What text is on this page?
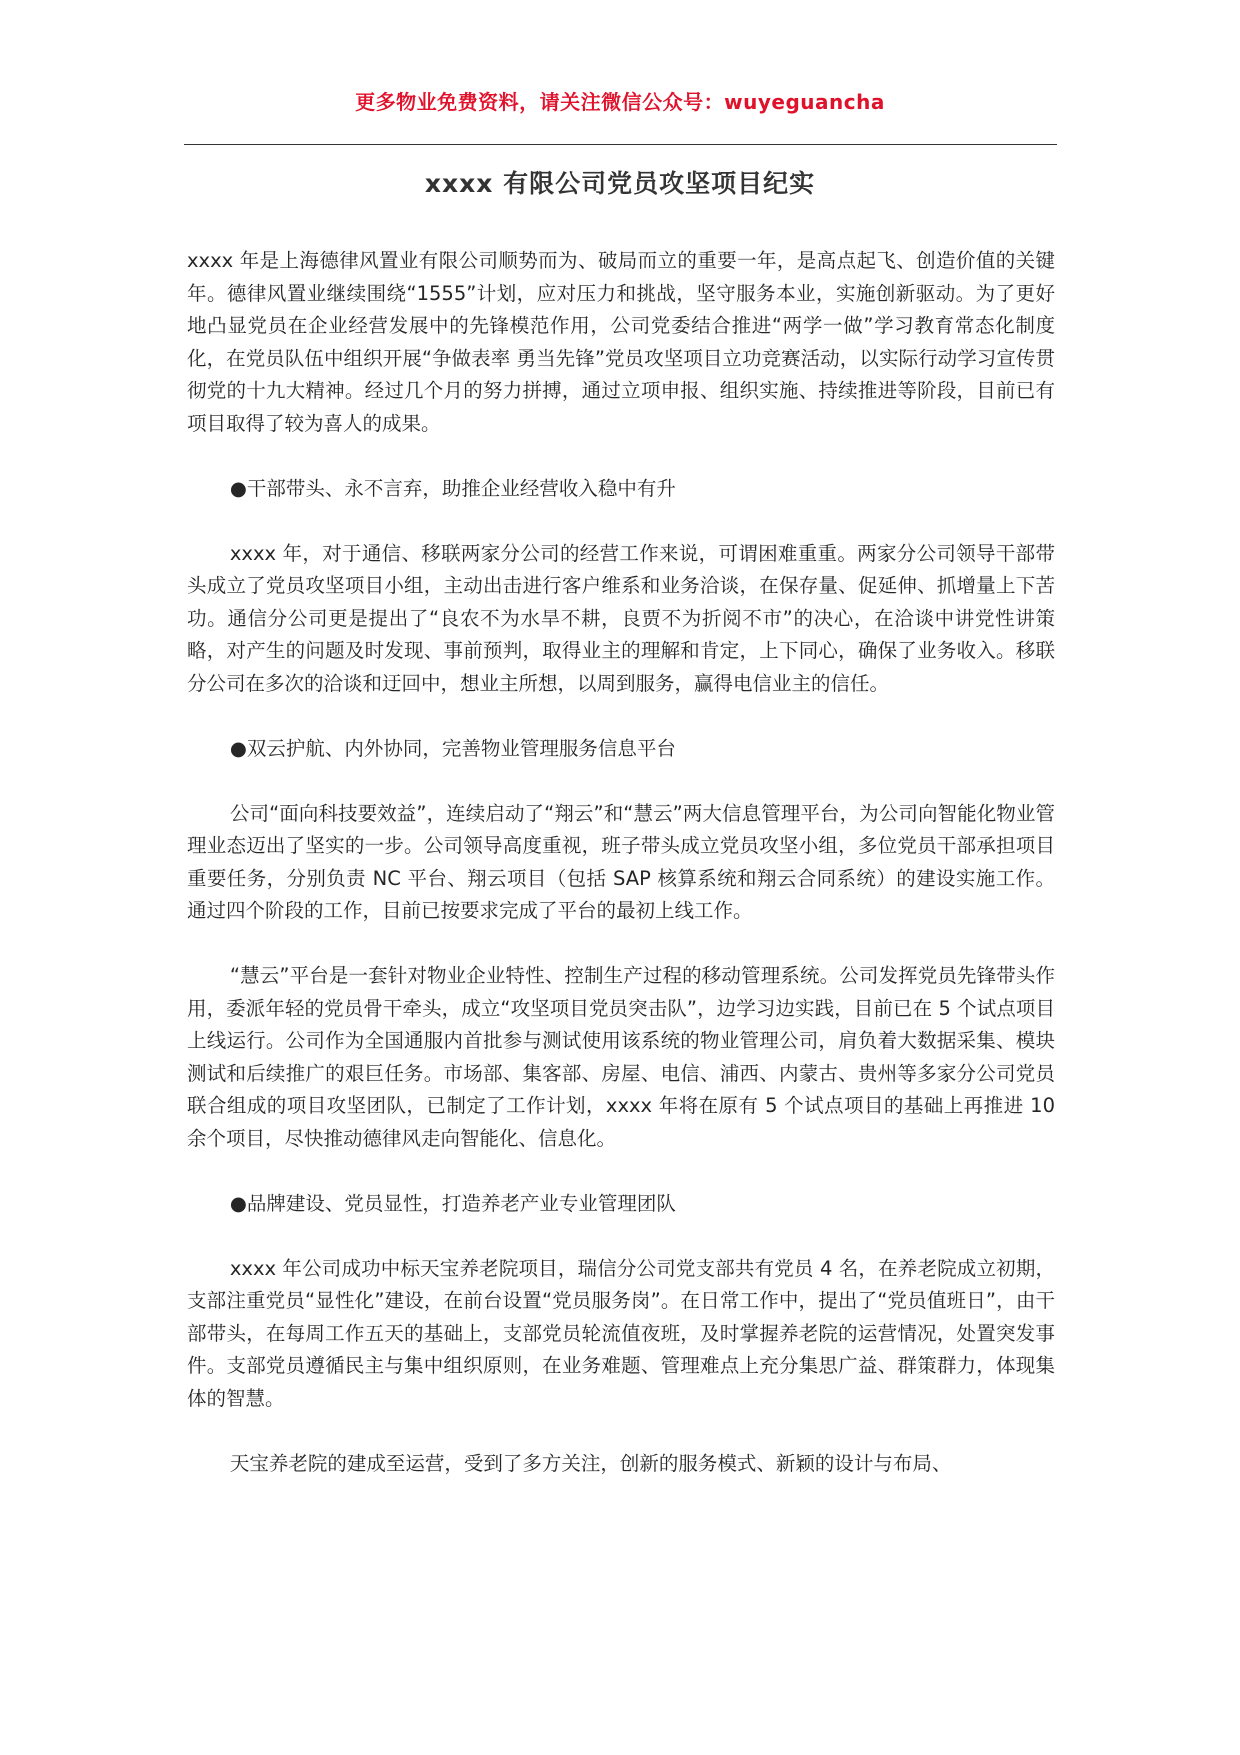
更多物业免费资料，请关注微信公众号：wuyeguancha
xxxx 有限公司党员攻坚项目纪实

xxxx 年是上海德律风置业有限公司顺势而为、破局而立的重要一年，是高点起飞、创造价值的关键年。德律风置业继续围绕“1555”计划，应对压力和挑战，坚守服务本业，实施创新驱动。为了更好地凸显党员在企业经营发展中的先锋模范作用，公司党委结合推进“两学一做”学习教育常态化制度化，在党员队伍中组织开展“争做表率 勇当先锋”党员攻坚项目立功竞赛活动，以实际行动学习宣传贯彻党的十九大精神。经过几个月的努力拼搏，通过立项申报、组织实施、持续推进等阶段，目前已有项目取得了较为喜人的成果。

●干部带头、永不言弃，助推企业经营收入稳中有升

xxxx 年，对于通信、移联两家分公司的经营工作来说，可谓困难重重。两家分公司领导干部带头成立了党员攻坚项目小组，主动出击进行客户维系和业务洽谈，在保存量、促延伸、抓增量上下苦功。通信分公司更是提出了“良农不为水旱不耕，良贾不为折阅不市”的决心，在洽谈中讲党性讲策略，对产生的问题及时发现、事前预判，取得业主的理解和肯定，上下同心，确保了业务收入。移联分公司在多次的洽谈和迂回中，想业主所想，以周到服务，赢得电信业主的信任。

●双云护航、内外协同，完善物业管理服务信息平台

公司“面向科技要效益”，连续启动了“翔云”和“慧云”两大信息管理平台，为公司向智能化物业管理业态迈出了坚实的一步。公司领导高度重视，班子带头成立党员攻坚小组，多位党员干部承担项目重要任务，分别负责 NC 平台、翔云项目（包括 SAP 核算系统和翔云合同系统）的建设实施工作。通过四个阶段的工作，目前已按要求完成了平台的最初上线工作。

“慧云”平台是一套针对物业企业特性、控制生产过程的移动管理系统。公司发挥党员先锋带头作用，委派年轻的党员骨干牵头，成立“攻坚项目党员突击队”，边学习边实践，目前已在 5 个试点项目上线运行。公司作为全国通服内首批参与测试使用该系统的物业管理公司，肩负着大数据采集、模块测试和后续推广的艰巨任务。市场部、集客部、房屋、电信、浦西、内蒙古、贵州等多家分公司党员联合组成的项目攻坚团队，已制定了工作计划，xxxx 年将在原有 5 个试点项目的基础上再推进 10 余个项目，尽快推动德律风走向智能化、信息化。

●品牌建设、党员显性，打造养老产业专业管理团队

xxxx 年公司成功中标天宝养老院项目，瑞信分公司党支部共有党员 4 名，在养老院成立初期，支部注重党员“显性化”建设，在前台设置“党员服务岗”。在日常工作中，提出了“党员值班日”，由干部带头，在每周工作五天的基础上，支部党员轮流值夜班，及时掌握养老院的运营情况，处置突发事件。支部党员遵循民主与集中组织原则，在业务难题、管理难点上充分集思广益、群策群力，体现集体的智慧。

天宝养老院的建成至运营，受到了多方关注，创新的服务模式、新颖的设计与布局、
